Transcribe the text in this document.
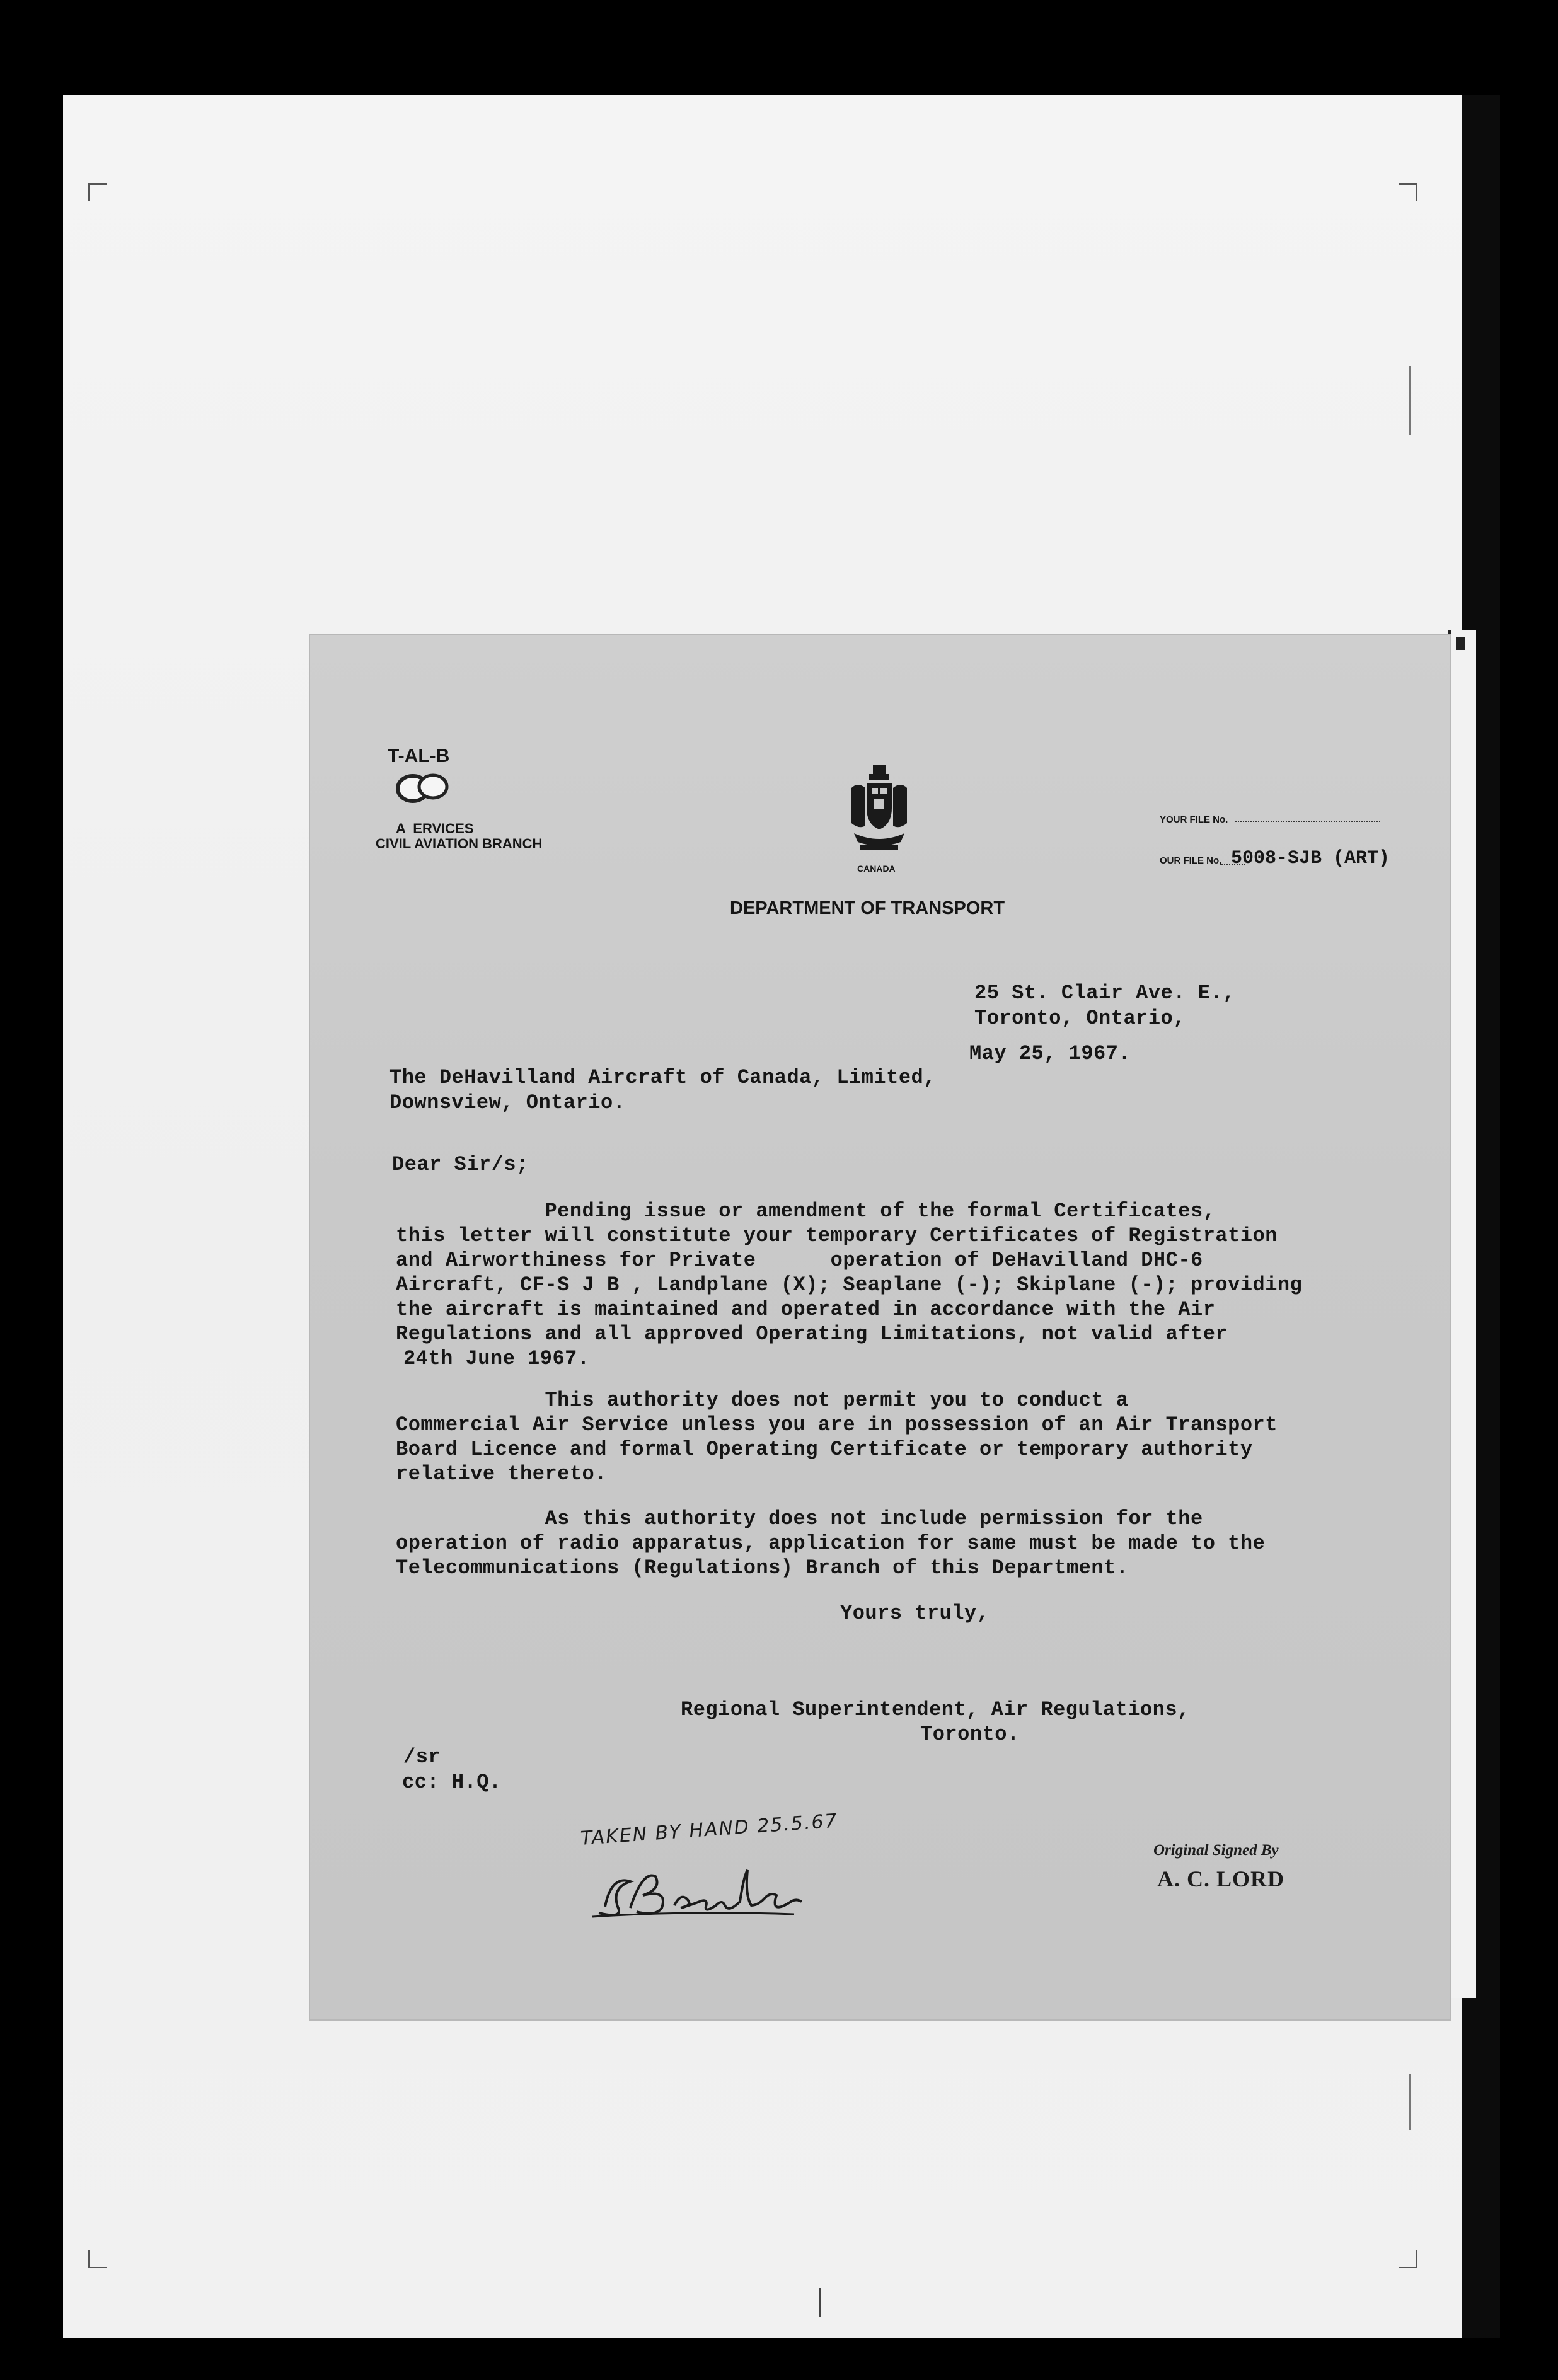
T-AL-B
A  ERVICES
CIVIL AVIATION BRANCH
CANADA
DEPARTMENT OF TRANSPORT
YOUR FILE No.
OUR FILE No. 5008-SJB (ART)
25 St. Clair Ave. E.,
Toronto, Ontario,
May 25, 1967.
The DeHavilland Aircraft of Canada, Limited,
Downsview, Ontario.
Dear Sir/s;
Pending issue or amendment of the formal Certificates,
this letter will constitute your temporary Certificates of Registration
and Airworthiness for Private      operation of DeHavilland DHC-6
Aircraft, CF-S J B , Landplane (X); Seaplane (-); Skiplane (-); providing
the aircraft is maintained and operated in accordance with the Air
Regulations and all approved Operating Limitations, not valid after
24th June 1967.
This authority does not permit you to conduct a
Commercial Air Service unless you are in possession of an Air Transport
Board Licence and formal Operating Certificate or temporary authority
relative thereto.
As this authority does not include permission for the
operation of radio apparatus, application for same must be made to the
Telecommunications (Regulations) Branch of this Department.
Yours truly,
Regional Superintendent, Air Regulations,
Toronto.
/sr
cc: H.Q.
TAKEN BY HAND 25.5.67
Original Signed By
A. C. LORD
